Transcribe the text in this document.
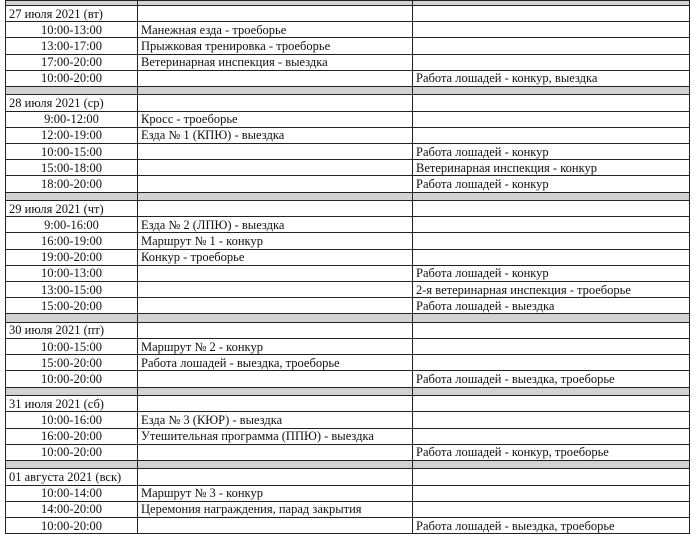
27 июля 2021 (вт)		
10:00-13:00	Манежная езда - троеборье	
13:00-17:00	Прыжковая тренировка - троеборье	
17:00-20:00	Ветеринарная инспекция - выездка	
10:00-20:00		Работа лошадей - конкур, выездка

28 июля 2021 (ср)		
9:00-12:00	Кросс - троеборье	
12:00-19:00	Езда № 1 (КПЮ) - выездка	
10:00-15:00		Работа лошадей - конкур
15:00-18:00		Ветеринарная инспекция - конкур
18:00-20:00		Работа лошадей - конкур

29 июля 2021 (чт)		
9:00-16:00	Езда № 2 (ЛПЮ) - выездка	
16:00-19:00	Маршрут № 1 - конкур	
19:00-20:00	Конкур - троеборье	
10:00-13:00		Работа лошадей - конкур
13:00-15:00		2-я ветеринарная инспекция - троеборье
15:00-20:00		Работа лошадей - выездка

30 июля 2021 (пт)		
10:00-15:00	Маршрут № 2 - конкур	
15:00-20:00	Работа лошадей - выездка, троеборье	
10:00-20:00		Работа лошадей - выездка, троеборье

31 июля 2021 (сб)		
10:00-16:00	Езда № 3 (КЮР) - выездка	
16:00-20:00	Утешительная программа (ППЮ) - выездка	
10:00-20:00		Работа лошадей - конкур, троеборье

01 августа 2021 (вск)		
10:00-14:00	Маршрут № 3 - конкур	
14:00-20:00	Церемония награждения, парад закрытия	
10:00-20:00		Работа лошадей - выездка, троеборье
